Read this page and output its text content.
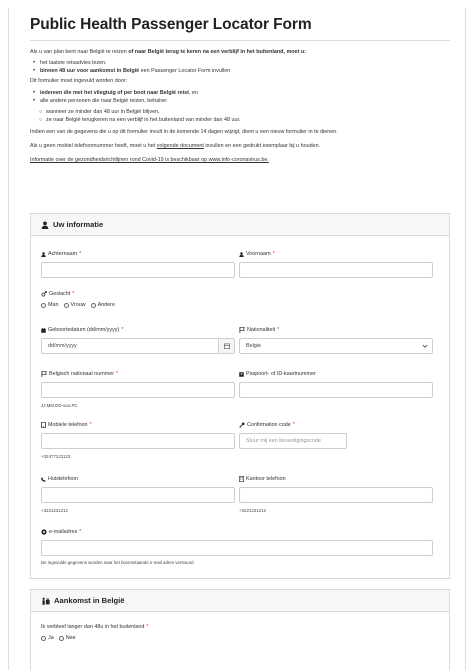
Public Health Passenger Locator Form

Als u van plan bent naar België te reizen of naar België terug te keren na een verblijf in het buitenland, moet u:

• het laatste reisadvies lezen.
• binnen 48 uur voor aankomst in België een Passenger Locator Form invullen

Dit formulier moet ingevuld worden door:

• iedereen die met het vliegtuig of per boot naar België reist, en
• alle andere personen die naar België reizen, behalve:
○ wanneer ze minder dan 48 uur in België blijven,
○ ze naar België terugkeren na een verblijf in het buitenland van minder dan 48 uur.

Indien een van de gegevens die u op dit formulier invult in de komende 14 dagen wijzigt, dient u een nieuw formulier in te dienen.

Als u geen mobiel telefoonnummer heeft, moet u het volgende document invullen en een gedrukt exemplaar bij u houden.

Informatie over de gezondheidsrichtlijnen rond Covid-19 is beschikbaar op www.info-coronavirus.be.

Uw informatie
Achternaam *	Voornaam *
Geslacht *
Man Vrouw Andere
Geboortedatum (dd/mm/yyyy) *
dd/mm/yyyy
Nationaliteit *
Belgie
Belgisch nationaal nummer *
JJ.MM.DD-ooo.PC
Paspoort- of ID-kaartnummer
Mobiele telefoon *
+32477123123
Confirmation code *
Stuur mij een bevestigingscode
Huistelefoon
+3221231212
Kantoor telefoon
+3221231212
e-mailadres *
De ingevulde gegevens worden naar het bovenstaande e-mail adres verstuurd
Aankomst in België
Ik verbleef langer dan 48u in het buitenland *
Ja Nee
